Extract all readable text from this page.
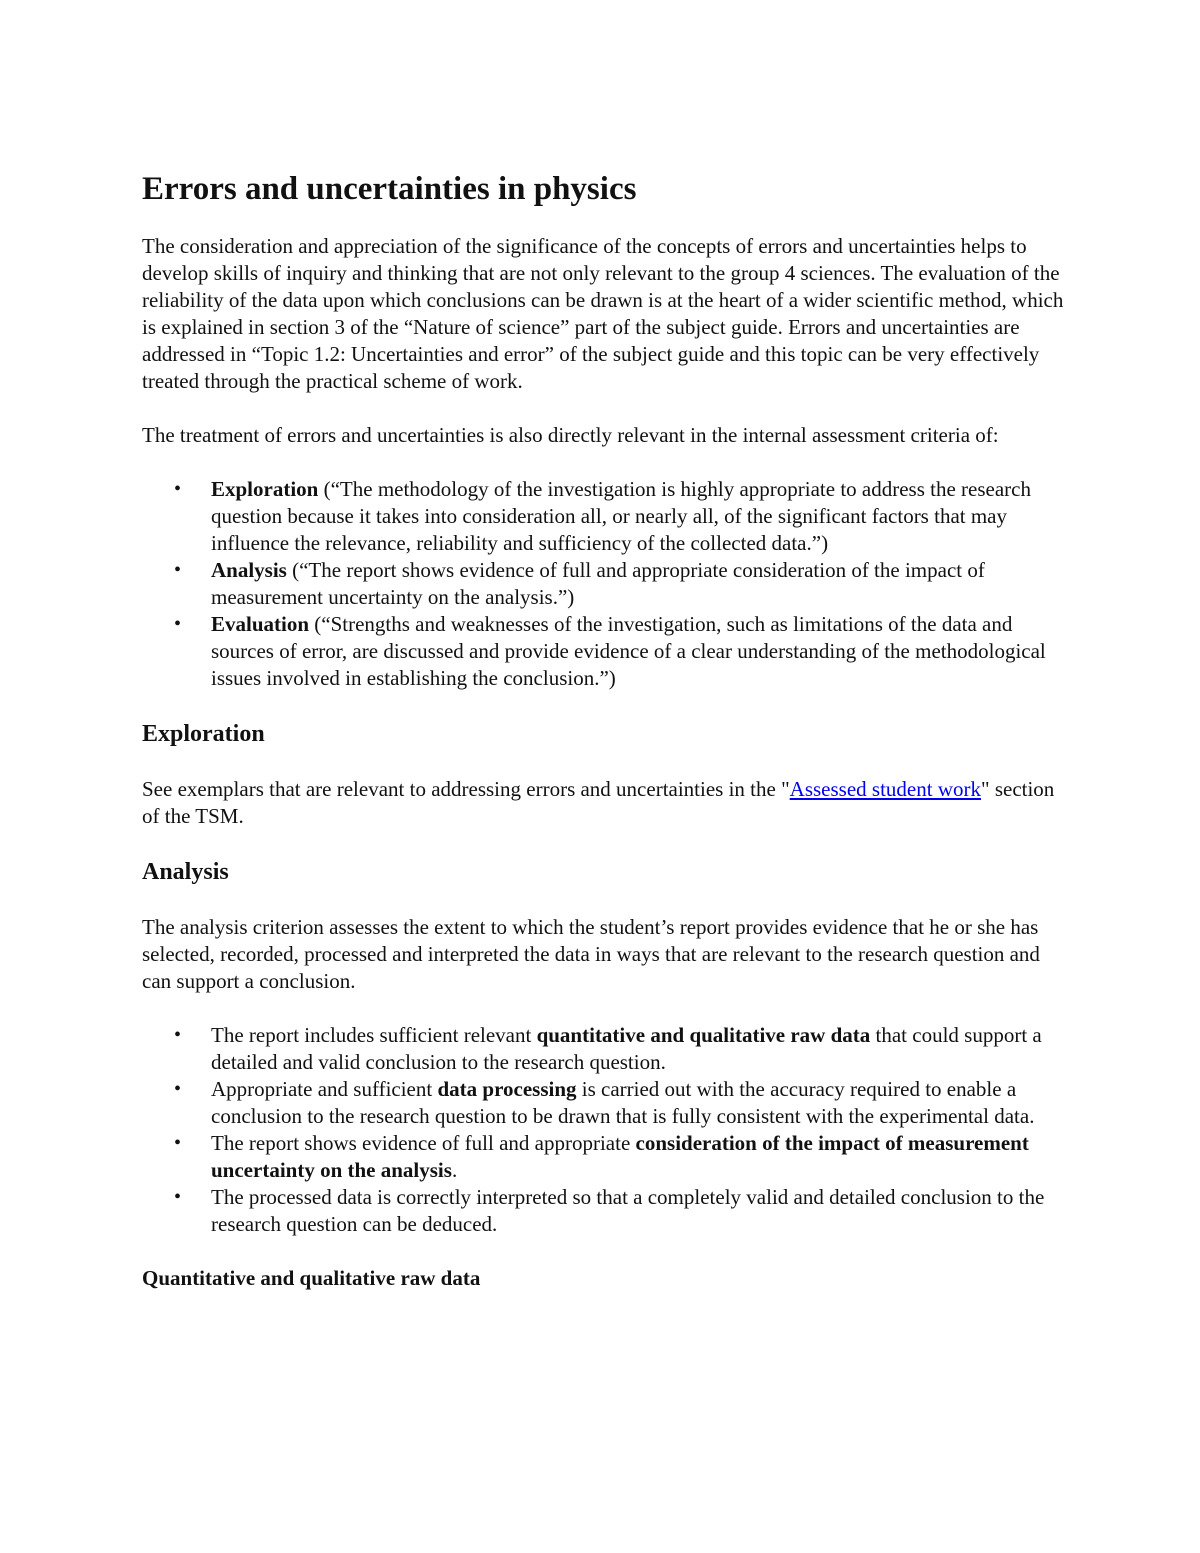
Errors and uncertainties in physics

The consideration and appreciation of the significance of the concepts of errors and uncertainties helps to develop skills of inquiry and thinking that are not only relevant to the group 4 sciences. The evaluation of the reliability of the data upon which conclusions can be drawn is at the heart of a wider scientific method, which is explained in section 3 of the “Nature of science” part of the subject guide. Errors and uncertainties are addressed in “Topic 1.2: Uncertainties and error” of the subject guide and this topic can be very effectively treated through the practical scheme of work.

The treatment of errors and uncertainties is also directly relevant in the internal assessment criteria of:

• Exploration (“The methodology of the investigation is highly appropriate to address the research question because it takes into consideration all, or nearly all, of the significant factors that may influence the relevance, reliability and sufficiency of the collected data.”)
• Analysis (“The report shows evidence of full and appropriate consideration of the impact of measurement uncertainty on the analysis.”)
• Evaluation (“Strengths and weaknesses of the investigation, such as limitations of the data and sources of error, are discussed and provide evidence of a clear understanding of the methodological issues involved in establishing the conclusion.”)
Exploration

See exemplars that are relevant to addressing errors and uncertainties in the "Assessed student work" section of the TSM.

Analysis

The analysis criterion assesses the extent to which the student’s report provides evidence that he or she has selected, recorded, processed and interpreted the data in ways that are relevant to the research question and can support a conclusion.

• The report includes sufficient relevant quantitative and qualitative raw data that could support a detailed and valid conclusion to the research question.
• Appropriate and sufficient data processing is carried out with the accuracy required to enable a conclusion to the research question to be drawn that is fully consistent with the experimental data.
• The report shows evidence of full and appropriate consideration of the impact of measurement uncertainty on the analysis.
• The processed data is correctly interpreted so that a completely valid and detailed conclusion to the research question can be deduced.
Quantitative and qualitative raw data
